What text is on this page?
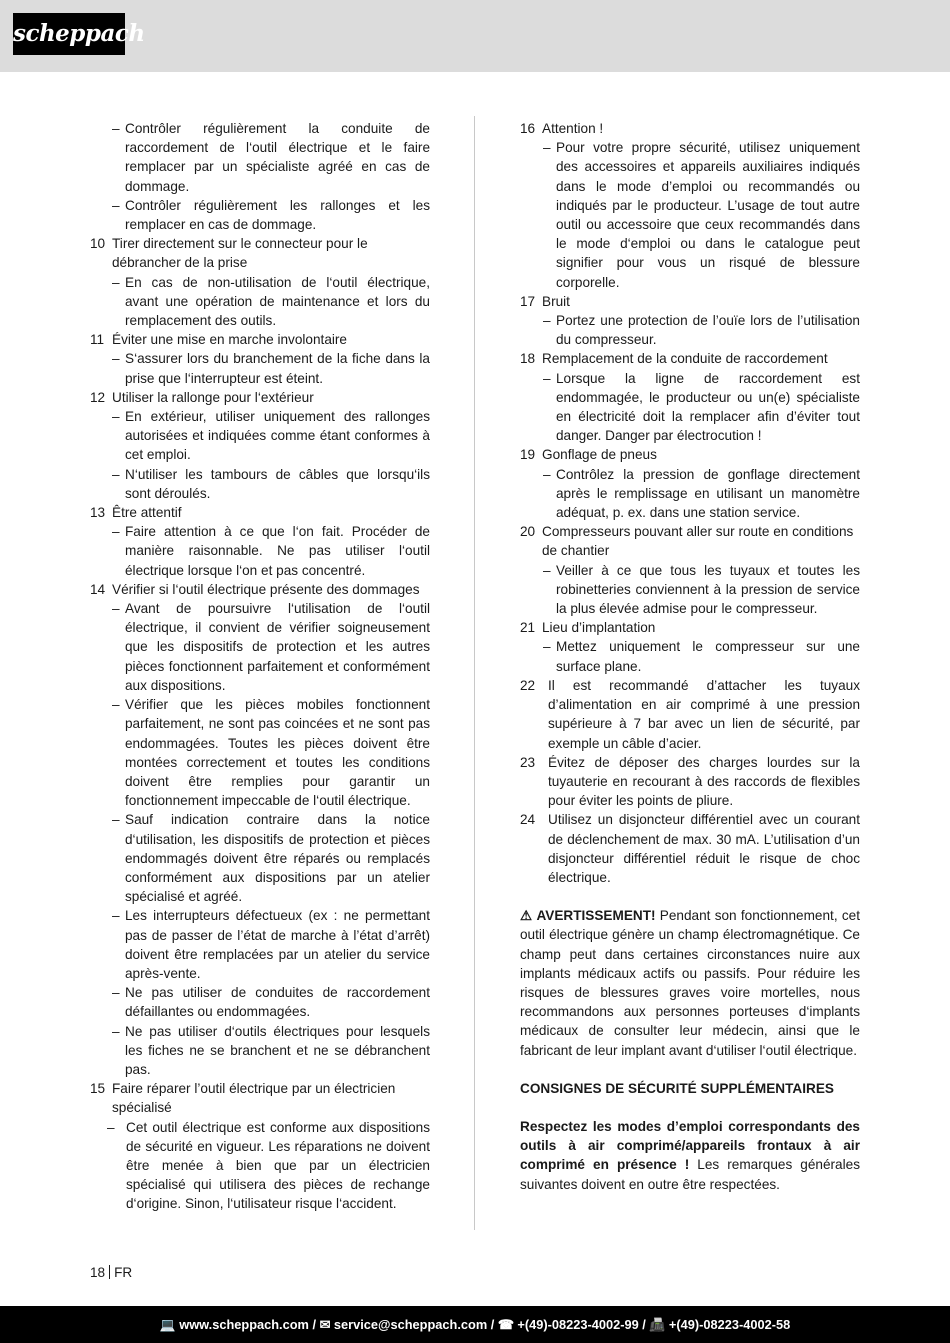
scheppach
– Contrôler régulièrement la conduite de raccordement de l‘outil électrique et le faire remplacer par un spécialiste agréé en cas de dommage.
– Contrôler régulièrement les rallonges et les remplacer en cas de dommage.
10 Tirer directement sur le connecteur pour le débrancher de la prise
– En cas de non-utilisation de l‘outil électrique, avant une opération de maintenance et lors du remplacement des outils.
11 Éviter une mise en marche involontaire
– S‘assurer lors du branchement de la fiche dans la prise que l‘interrupteur est éteint.
12 Utiliser la rallonge pour l‘extérieur
– En extérieur, utiliser uniquement des rallonges autorisées et indiquées comme étant conformes à cet emploi.
– N‘utiliser les tambours de câbles que lorsqu‘ils sont déroulés.
13 Être attentif
– Faire attention à ce que l‘on fait. Procéder de manière raisonnable. Ne pas utiliser l‘outil électrique lorsque l‘on et pas concentré.
14 Vérifier si l‘outil électrique présente des dommages
– Avant de poursuivre l‘utilisation de l‘outil électrique, il convient de vérifier soigneusement que les dispositifs de protection et les autres pièces fonctionnent parfaitement et conformément aux dispositions.
– Vérifier que les pièces mobiles fonctionnent parfaitement, ne sont pas coincées et ne sont pas endommagées. Toutes les pièces doivent être montées correctement et toutes les conditions doivent être remplies pour garantir un fonctionnement impeccable de l‘outil électrique.
– Sauf indication contraire dans la notice d‘utilisation, les dispositifs de protection et pièces endommagés doivent être réparés ou remplacés conformément aux dispositions par un atelier spécialisé et agréé.
– Les interrupteurs défectueux (ex : ne permettant pas de passer de l’état de marche à l’état d’arrêt) doivent être remplacées par un atelier du service après-vente.
– Ne pas utiliser de conduites de raccordement défaillantes ou endommagées.
– Ne pas utiliser d‘outils électriques pour lesquels les fiches ne se branchent et ne se débranchent pas.
15 Faire réparer l’outil électrique par un électricien spécialisé
– Cet outil électrique est conforme aux dispositions de sécurité en vigueur. Les réparations ne doivent être menée à bien que par un électricien spécialisé qui utilisera des pièces de rechange d‘origine. Sinon, l‘utilisateur risque l‘accident.
16 Attention !
– Pour votre propre sécurité, utilisez uniquement des accessoires et appareils auxiliaires indiqués dans le mode d’emploi ou recommandés ou indiqués par le producteur. L’usage de tout autre outil ou accessoire que ceux recommandés dans le mode d‘emploi ou dans le catalogue peut signifier pour vous un risqué de blessure corporelle.
17 Bruit
– Portez une protection de l’ouïe lors de l’utilisation du compresseur.
18 Remplacement de la conduite de raccordement
– Lorsque la ligne de raccordement est endommagée, le producteur ou un(e) spécialiste en électricité doit la remplacer afin d’éviter tout danger. Danger par électrocution !
19 Gonflage de pneus
– Contrôlez la pression de gonflage directement après le remplissage en utilisant un manomètre adéquat, p. ex. dans une station service.
20 Compresseurs pouvant aller sur route en conditions de chantier
– Veiller à ce que tous les tuyaux et toutes les robinetteries conviennent à la pression de service la plus élevée admise pour le compresseur.
21 Lieu d’implantation
– Mettez uniquement le compresseur sur une surface plane.
22 Il est recommandé d’attacher les tuyaux d’alimentation en air comprimé à une pression supérieure à 7 bar avec un lien de sécurité, par exemple un câble d’acier.
23 Évitez de déposer des charges lourdes sur la tuyauterie en recourant à des raccords de flexibles pour éviter les points de pliure.
24 Utilisez un disjoncteur différentiel avec un courant de déclenchement de max. 30 mA. L’utilisation d’un disjoncteur différentiel réduit le risque de choc électrique.
⚠ AVERTISSEMENT! Pendant son fonctionnement, cet outil électrique génère un champ électromagnétique. Ce champ peut dans certaines circonstances nuire aux implants médicaux actifs ou passifs. Pour réduire les risques de blessures graves voire mortelles, nous recommandons aux personnes porteuses d‘implants médicaux de consulter leur médecin, ainsi que le fabricant de leur implant avant d‘utiliser l‘outil électrique.
CONSIGNES DE SÉCURITÉ SUPPLÉMENTAIRES
Respectez les modes d’emploi correspondants des outils à air comprimé/appareils frontaux à air comprimé en présence ! Les remarques générales suivantes doivent en outre être respectées.
18 FR
💻 www.scheppach.com / ✉ service@scheppach.com / ☎ +(49)-08223-4002-99 / 📠 +(49)-08223-4002-58
